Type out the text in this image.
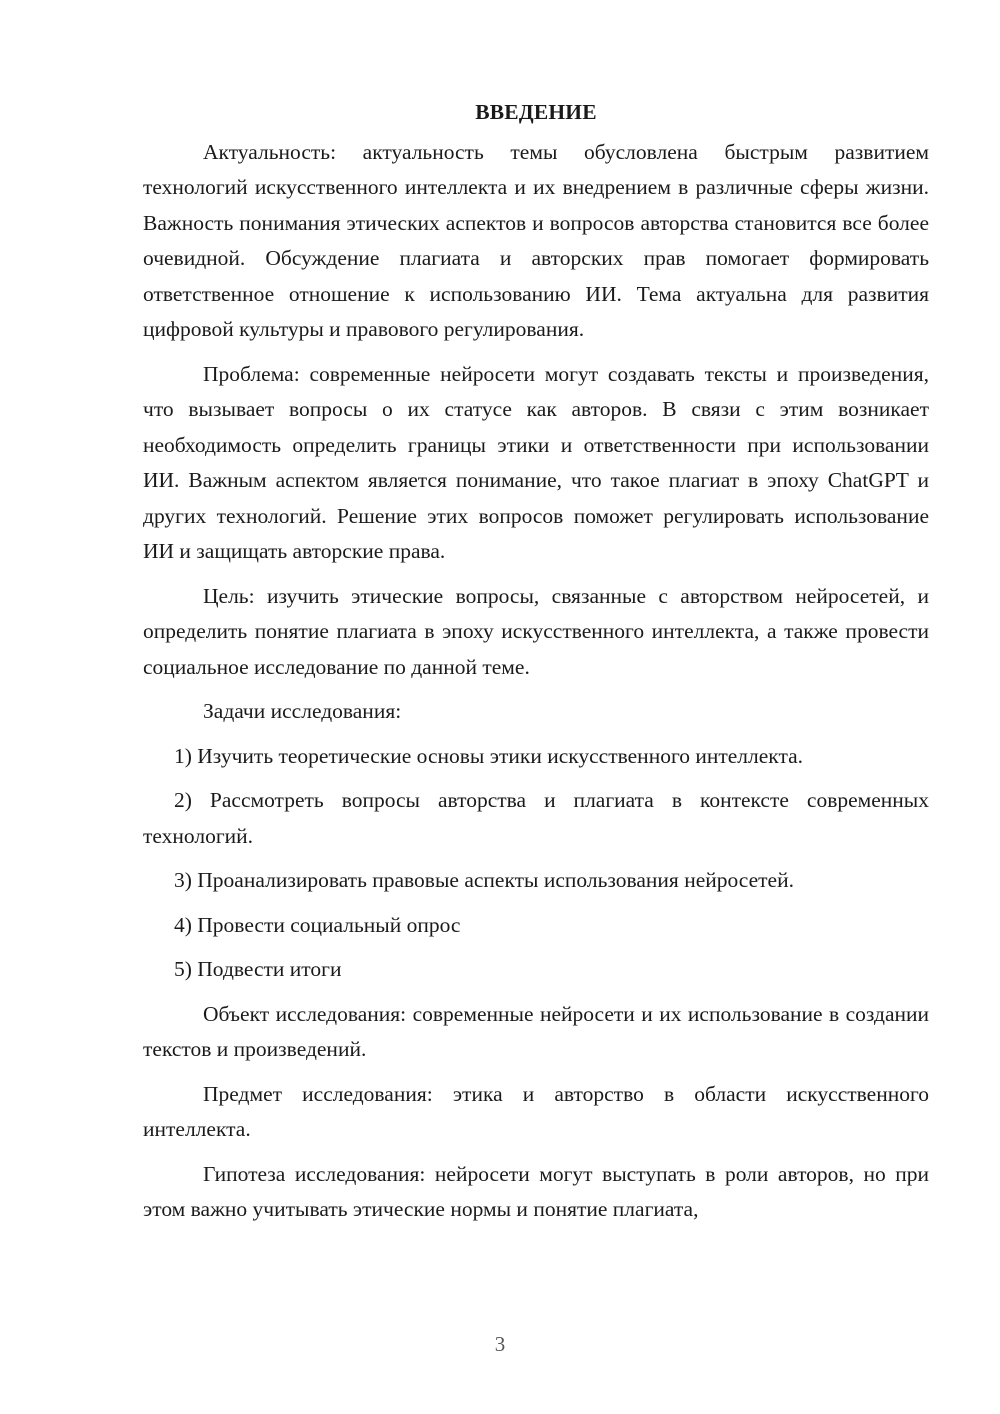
ВВЕДЕНИЕ

Актуальность: актуальность темы обусловлена быстрым развитием технологий искусственного интеллекта и их внедрением в различные сферы жизни. Важность понимания этических аспектов и вопросов авторства становится все более очевидной. Обсуждение плагиата и авторских прав помогает формировать ответственное отношение к использованию ИИ. Тема актуальна для развития цифровой культуры и правового регулирования.

Проблема: современные нейросети могут создавать тексты и произведения, что вызывает вопросы о их статусе как авторов. В связи с этим возникает необходимость определить границы этики и ответственности при использовании ИИ. Важным аспектом является понимание, что такое плагиат в эпоху ChatGPT и других технологий. Решение этих вопросов поможет регулировать использование ИИ и защищать авторские права.

Цель: изучить этические вопросы, связанные с авторством нейросетей, и определить понятие плагиата в эпоху искусственного интеллекта, а также провести социальное исследование по данной теме.

Задачи исследования:

1) Изучить теоретические основы этики искусственного интеллекта.

2) Рассмотреть вопросы авторства и плагиата в контексте современных технологий.

3) Проанализировать правовые аспекты использования нейросетей.

4) Провести социальный опрос

5) Подвести итоги

Объект исследования: современные нейросети и их использование в создании текстов и произведений.

Предмет исследования: этика и авторство в области искусственного интеллекта.

Гипотеза исследования: нейросети могут выступать в роли авторов, но при этом важно учитывать этические нормы и понятие плагиата,

3
